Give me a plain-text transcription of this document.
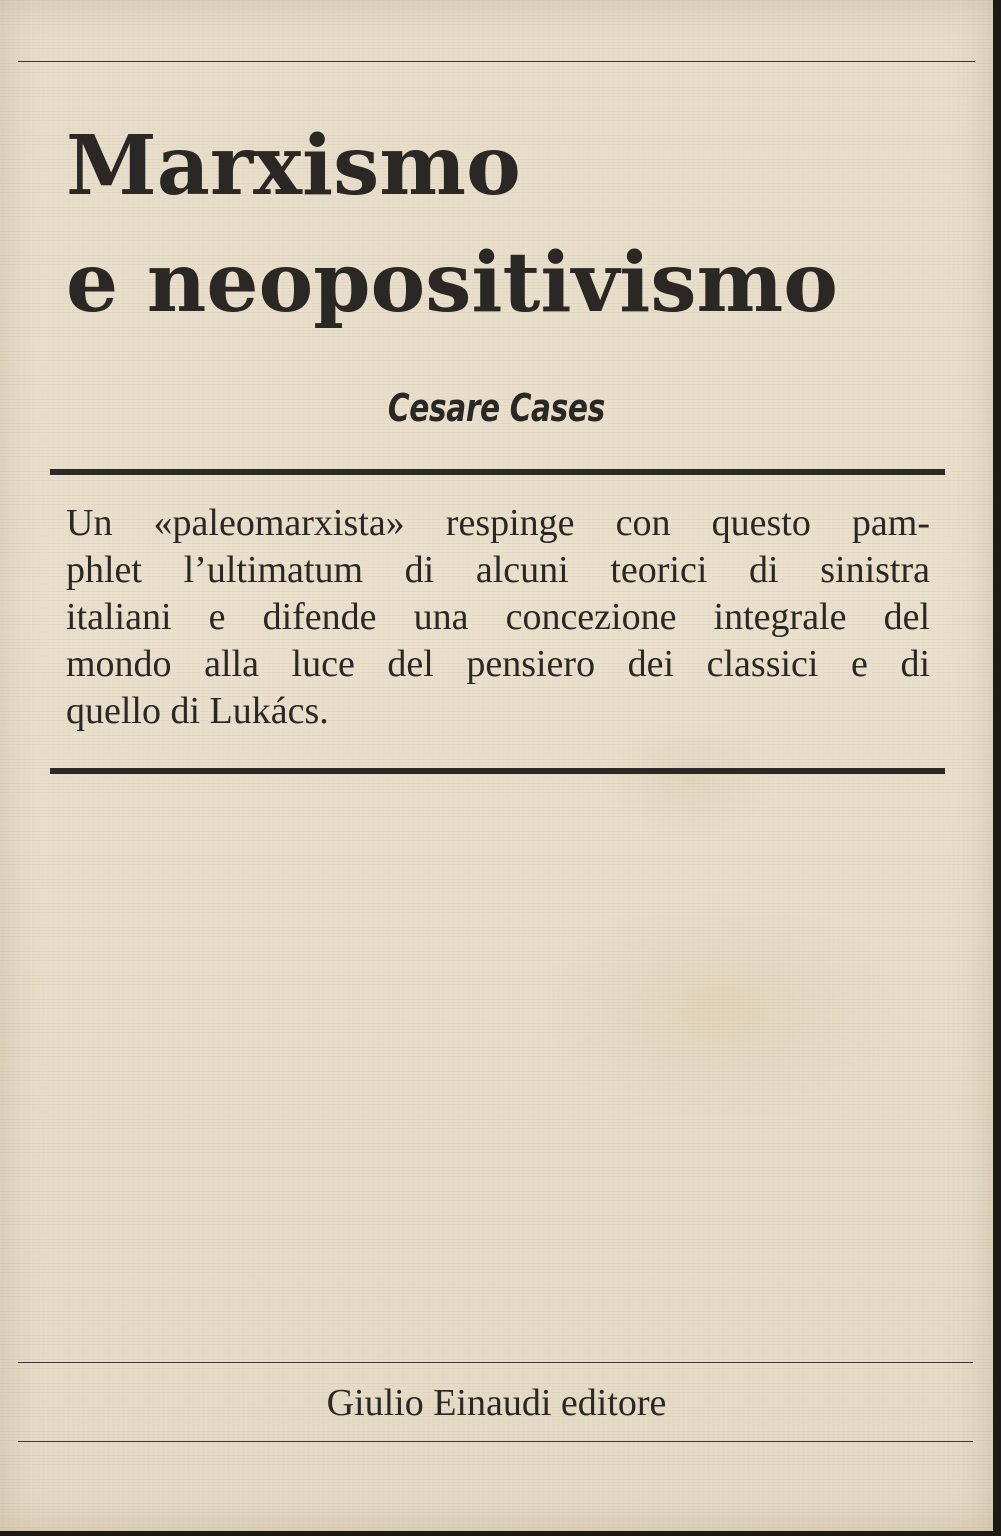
Marxismo
e neopositivismo
Cesare Cases
Un «paleomarxista» respinge con questo pam-
phlet l’ultimatum di alcuni teorici di sinistra
italiani e difende una concezione integrale del
mondo alla luce del pensiero dei classici e di
quello di Lukács.
Giulio Einaudi editore
